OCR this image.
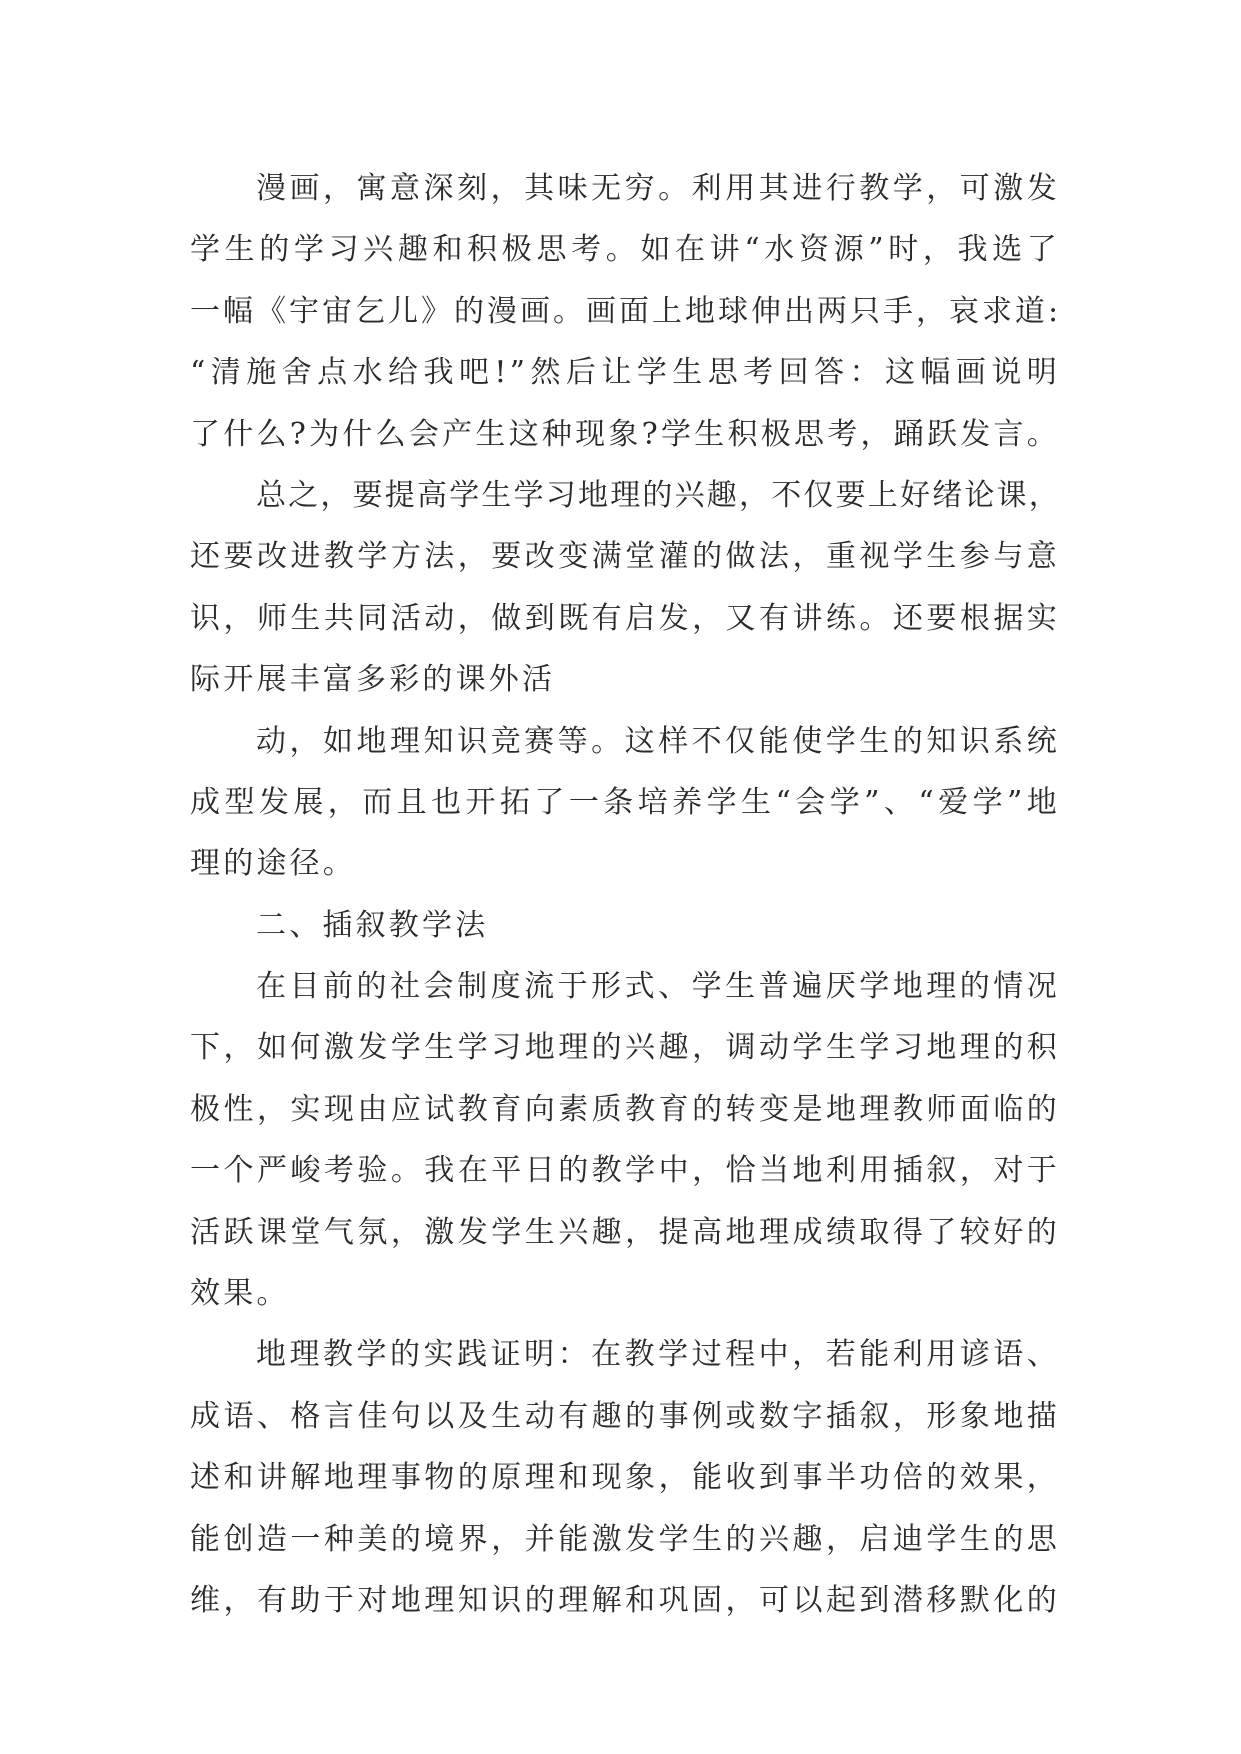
漫画，寓意深刻，其味无穷。利用其进行教学，可激发
学生的学习兴趣和积极思考。如在讲“水资源”时，我选了
一幅《宇宙乞儿》的漫画。画面上地球伸出两只手，哀求道:
“清施舍点水给我吧!”然后让学生思考回答：这幅画说明
了什么?为什么会产生这种现象?学生积极思考，踊跃发言。
总之，要提高学生学习地理的兴趣，不仅要上好绪论课，
还要改进教学方法，要改变满堂灌的做法，重视学生参与意
识，师生共同活动，做到既有启发，又有讲练。还要根据实
际开展丰富多彩的课外活
动，如地理知识竞赛等。这样不仅能使学生的知识系统
成型发展，而且也开拓了一条培养学生“会学”、“爱学”地
理的途径。
二、插叙教学法
在目前的社会制度流于形式、学生普遍厌学地理的情况
下，如何激发学生学习地理的兴趣，调动学生学习地理的积
极性，实现由应试教育向素质教育的转变是地理教师面临的
一个严峻考验。我在平日的教学中，恰当地利用插叙，对于
活跃课堂气氛，激发学生兴趣，提高地理成绩取得了较好的
效果。
地理教学的实践证明：在教学过程中，若能利用谚语、
成语、格言佳句以及生动有趣的事例或数字插叙，形象地描
述和讲解地理事物的原理和现象，能收到事半功倍的效果，
能创造一种美的境界，并能激发学生的兴趣，启迪学生的思
维，有助于对地理知识的理解和巩固，可以起到潜移默化的
